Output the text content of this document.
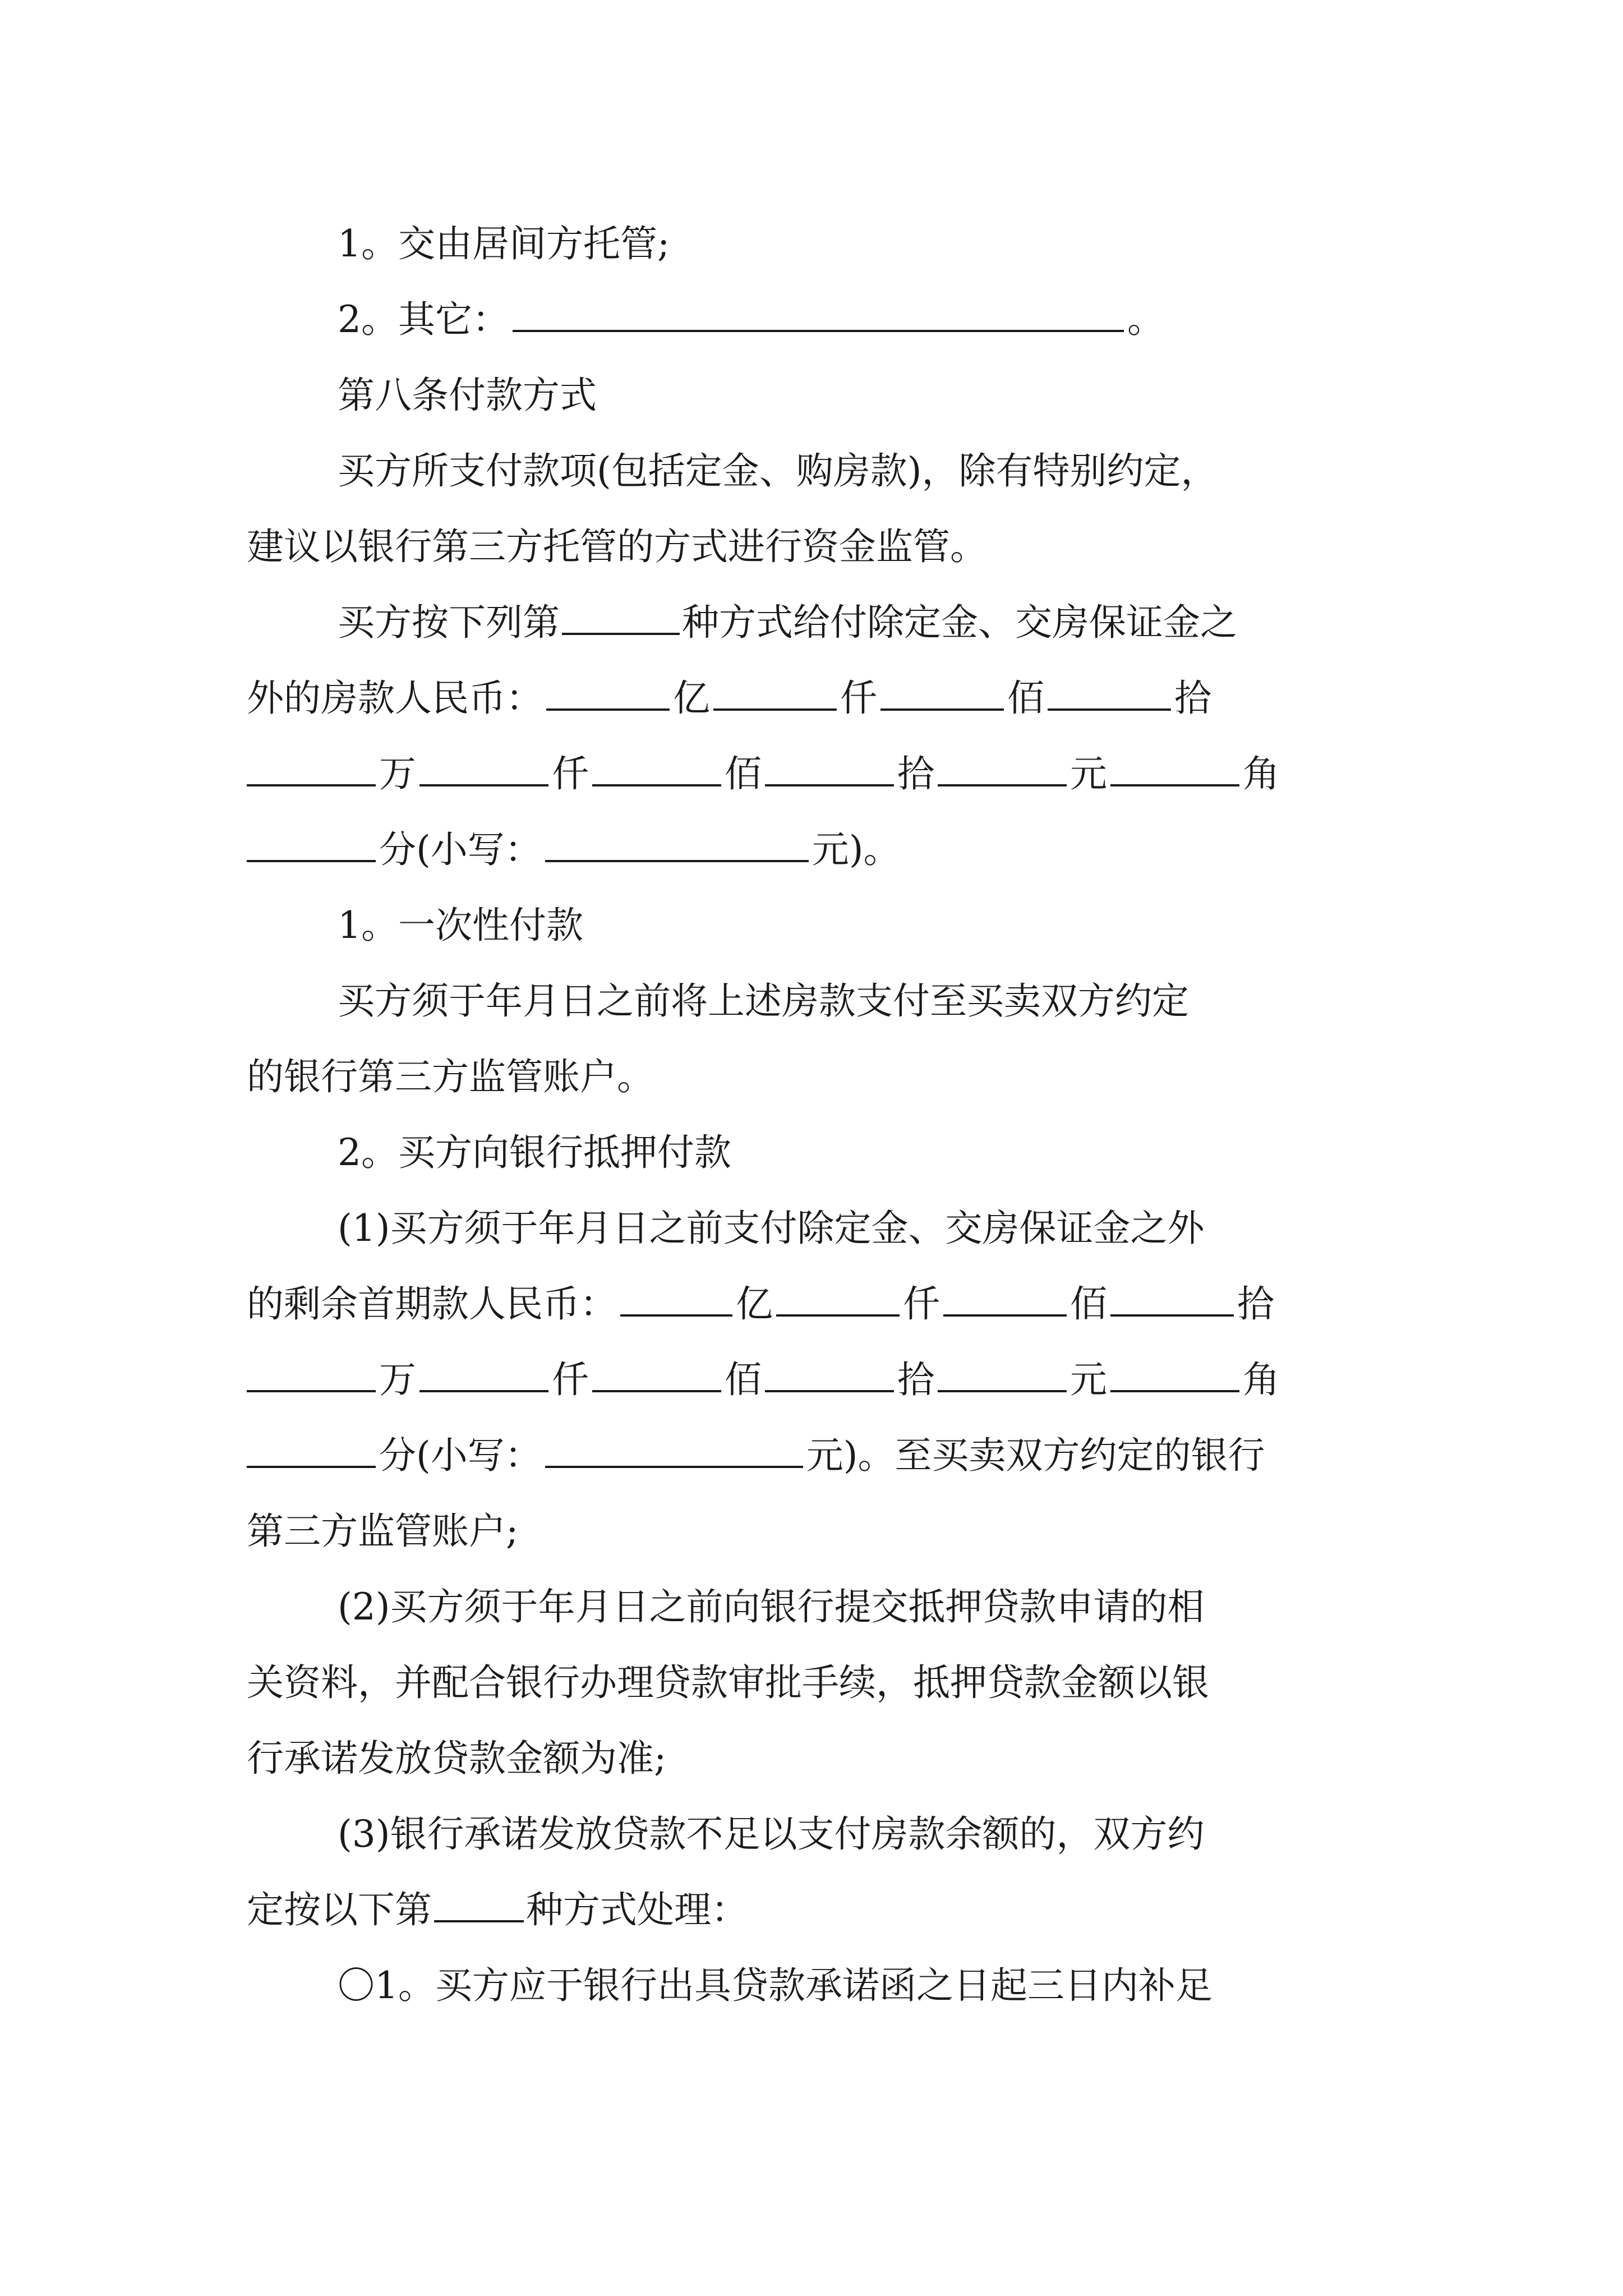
1。交由居间方托管;
2。其它：	。
第八条付款方式
买方所支付款项(包括定金、购房款)，除有特别约定，
建议以银行第三方托管的方式进行资金监管。
买方按下列第	种方式给付除定金、交房保证金之
外的房款人民币：	亿	仟	佰	拾
万	仟	佰	拾	元	角
分(小写：	元)。
1。一次性付款
买方须于年月日之前将上述房款支付至买卖双方约定
的银行第三方监管账户。
2。买方向银行抵押付款
(1)买方须于年月日之前支付除定金、交房保证金之外
的剩余首期款人民币：	亿	仟	佰	拾
万	仟	佰	拾	元	角
分(小写：	元)。至买卖双方约定的银行
第三方监管账户;
(2)买方须于年月日之前向银行提交抵押贷款申请的相
关资料，并配合银行办理贷款审批手续，抵押贷款金额以银
行承诺发放贷款金额为准;
(3)银行承诺发放贷款不足以支付房款余额的，双方约
定按以下第	种方式处理：
〇1。买方应于银行出具贷款承诺函之日起三日内补足
